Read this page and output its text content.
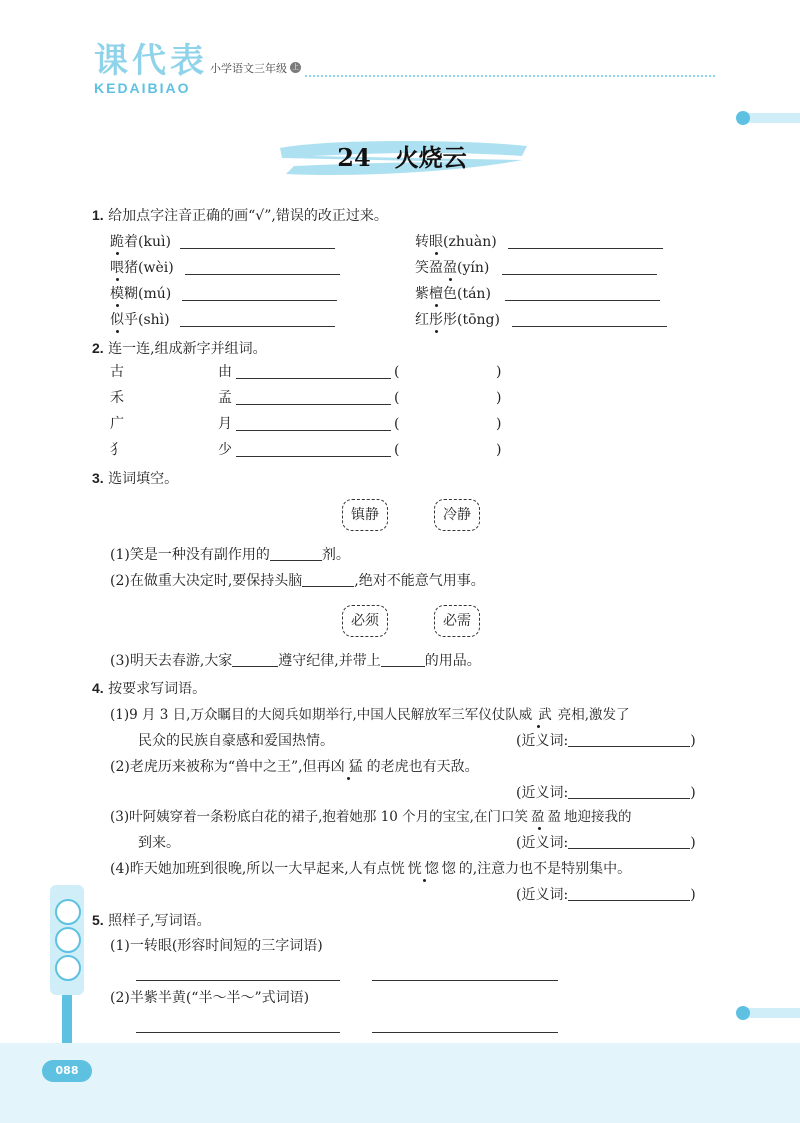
课代表
KEDAIBIAO
小学语文三年级 上册
24　火烧云
1. 给加点字注音正确的画“√”,错误的改正过来。
跪着(kuì)	转眼(zhuàn)
喂猪(wèi)	笑盈盈(yín)
模糊(mú)	紫檀色(tán)
似乎(shì)	红彤彤(tōng)
2. 连一连,组成新字并组词。
古	由	(	)
禾	孟	(	)
广	月	(	)
犭	少	(	)
3. 选词填空。
镇静	冷静
(1)笑是一种没有副作用的	剂。
(2)在做重大决定时,要保持头脑	,绝对不能意气用事。
必须	必需
(3)明天去春游,大家	遵守纪律,并带上	的用品。
4. 按要求写词语。
(1)9 月 3 日,万众瞩目的大阅兵如期举行,中国人民解放军三军仪仗队威武亮相,激发了
民众的民族自豪感和爱国热情。	(近义词:	)
(2)老虎历来被称为“兽中之王”,但再凶猛的老虎也有天敌。
(近义词:	)
(3)叶阿姨穿着一条粉底白花的裙子,抱着她那 10 个月的宝宝,在门口笑盈盈地迎接我的
到来。	(近义词:	)
(4)昨天她加班到很晚,所以一大早起来,人有点恍恍惚惚的,注意力也不是特别集中。
(近义词:	)
5. 照样子,写词语。
(1)一转眼(形容时间短的三字词语)
(2)半紫半黄(“半～半～”式词语)
088
